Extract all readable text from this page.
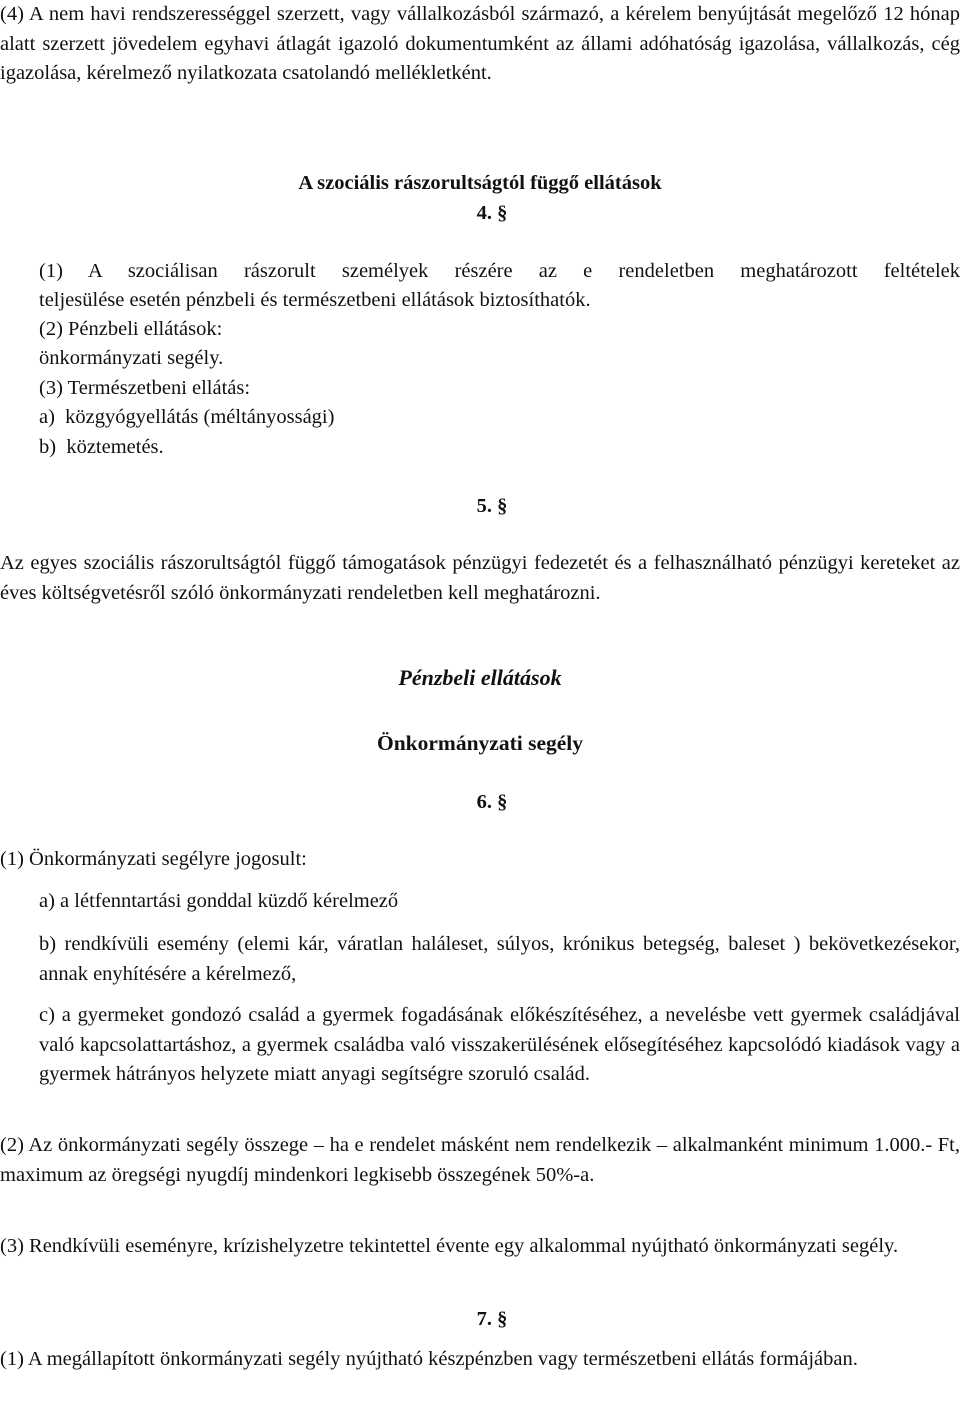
(4) A nem havi rendszerességgel szerzett, vagy vállalkozásból származó, a kérelem benyújtását megelőző 12 hónap alatt szerzett jövedelem egyhavi átlagát igazoló dokumentumként az állami adóhatóság igazolása, vállalkozás, cég igazolása, kérelmező nyilatkozata csatolandó mellékletként.

A szociális rászorultságtól függő ellátások

4. §

(1) A szociálisan rászorult személyek részére az e rendeletben meghatározott feltételek

teljesülése esetén pénzbeli és természetbeni ellátások biztosíthatók.

(2) Pénzbeli ellátások:

önkormányzati segély.

(3) Természetbeni ellátás:

a)  közgyógyellátás (méltányossági)

b)  köztemetés.

5. §

Az egyes szociális rászorultságtól függő támogatások pénzügyi fedezetét és a felhasználható pénzügyi kereteket az éves költségvetésről szóló önkormányzati rendeletben kell meghatározni.

Pénzbeli ellátások

Önkormányzati segély

6. §

(1) Önkormányzati segélyre jogosult:

a) a létfenntartási gonddal küzdő kérelmező

b) rendkívüli esemény (elemi kár, váratlan haláleset, súlyos, krónikus betegség, baleset ) bekövetkezésekor, annak enyhítésére a kérelmező,

c) a gyermeket gondozó család a gyermek fogadásának előkészítéséhez, a nevelésbe vett gyermek családjával való kapcsolattartáshoz, a gyermek családba való visszakerülésének elősegítéséhez kapcsolódó kiadások vagy a gyermek hátrányos helyzete miatt anyagi segítségre szoruló család.

(2) Az önkormányzati segély összege – ha e rendelet másként nem rendelkezik – alkalmanként minimum 1.000.- Ft, maximum az öregségi nyugdíj mindenkori legkisebb összegének 50%-a.

(3) Rendkívüli eseményre, krízishelyzetre tekintettel évente egy alkalommal nyújtható önkormányzati segély.

7. §

(1) A megállapított önkormányzati segély nyújtható készpénzben vagy természetbeni ellátás formájában.
